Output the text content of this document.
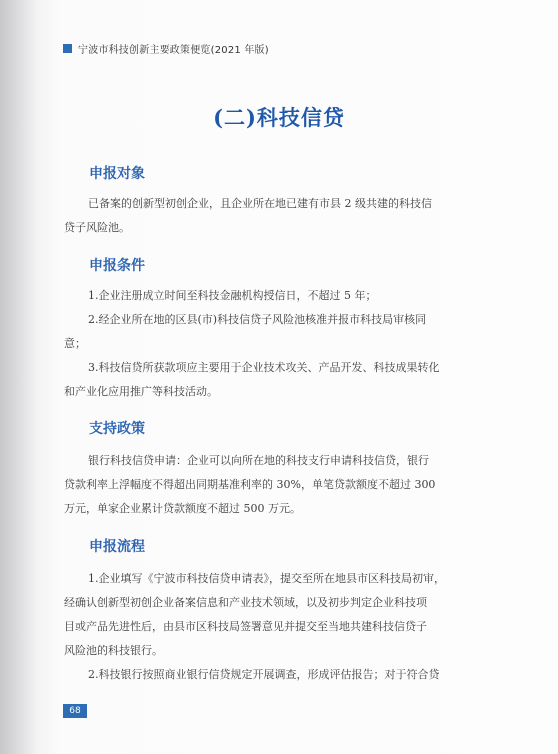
宁波市科技创新主要政策便览(2021 年版)
(二)科技信贷
申报对象
已备案的创新型初创企业，且企业所在地已建有市县 2 级共建的科技信
贷子风险池。
申报条件
1.企业注册成立时间至科技金融机构授信日，不超过 5 年；
2.经企业所在地的区县(市)科技信贷子风险池核准并报市科技局审核同
意；
3.科技信贷所获款项应主要用于企业技术攻关、产品开发、科技成果转化
和产业化应用推广等科技活动。
支持政策
银行科技信贷申请：企业可以向所在地的科技支行申请科技信贷，银行
贷款利率上浮幅度不得超出同期基准利率的 30%，单笔贷款额度不超过 300
万元，单家企业累计贷款额度不超过 500 万元。
申报流程
1.企业填写《宁波市科技信贷申请表》，提交至所在地县市区科技局初审，
经确认创新型初创企业备案信息和产业技术领域，以及初步判定企业科技项
目或产品先进性后，由县市区科技局签署意见并提交至当地共建科技信贷子
风险池的科技银行。
2.科技银行按照商业银行信贷规定开展调查，形成评估报告；对于符合贷
68
